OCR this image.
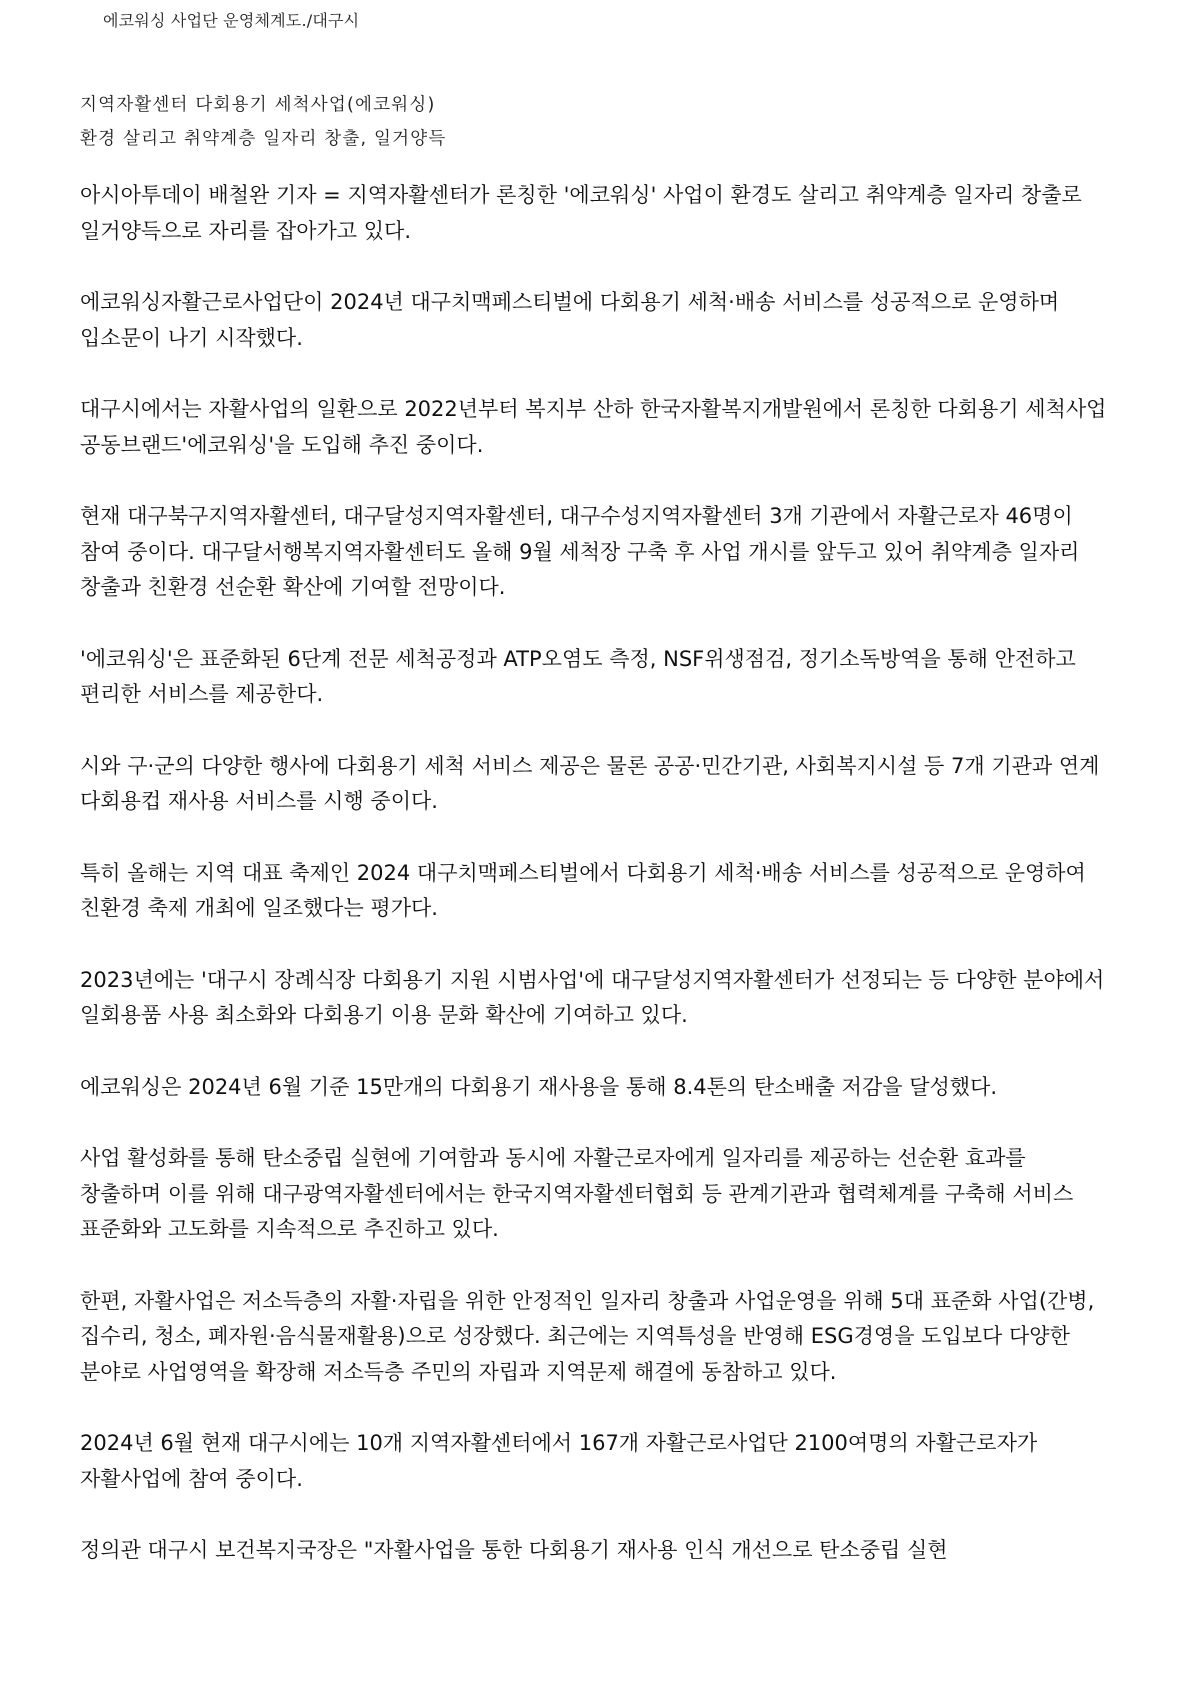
에코워싱 사업단 운영체계도./대구시
지역자활센터 다회용기 세척사업(에코워싱)
환경 살리고 취약계층 일자리 창출, 일거양득

아시아투데이 배철완 기자 = 지역자활센터가 론칭한 '에코워싱' 사업이 환경도 살리고 취약계층 일자리 창출로 일거양득으로 자리를 잡아가고 있다.

에코워싱자활근로사업단이 2024년 대구치맥페스티벌에 다회용기 세척·배송 서비스를 성공적으로 운영하며 입소문이 나기 시작했다.

대구시에서는 자활사업의 일환으로 2022년부터 복지부 산하 한국자활복지개발원에서 론칭한 다회용기 세척사업 공동브랜드'에코워싱'을 도입해 추진 중이다.

현재 대구북구지역자활센터, 대구달성지역자활센터, 대구수성지역자활센터 3개 기관에서 자활근로자 46명이 참여 중이다. 대구달서행복지역자활센터도 올해 9월 세척장 구축 후 사업 개시를 앞두고 있어 취약계층 일자리 창출과 친환경 선순환 확산에 기여할 전망이다.

'에코워싱'은 표준화된 6단계 전문 세척공정과 ATP오염도 측정, NSF위생점검, 정기소독방역을 통해 안전하고 편리한 서비스를 제공한다.

시와 구·군의 다양한 행사에 다회용기 세척 서비스 제공은 물론 공공·민간기관, 사회복지시설 등 7개 기관과 연계 다회용컵 재사용 서비스를 시행 중이다.

특히 올해는 지역 대표 축제인 2024 대구치맥페스티벌에서 다회용기 세척·배송 서비스를 성공적으로 운영하여 친환경 축제 개최에 일조했다는 평가다.

2023년에는 '대구시 장례식장 다회용기 지원 시범사업'에 대구달성지역자활센터가 선정되는 등 다양한 분야에서 일회용품 사용 최소화와 다회용기 이용 문화 확산에 기여하고 있다.

에코워싱은 2024년 6월 기준 15만개의 다회용기 재사용을 통해 8.4톤의 탄소배출 저감을 달성했다.

사업 활성화를 통해 탄소중립 실현에 기여함과 동시에 자활근로자에게 일자리를 제공하는 선순환 효과를 창출하며 이를 위해 대구광역자활센터에서는 한국지역자활센터협회 등 관계기관과 협력체계를 구축해 서비스 표준화와 고도화를 지속적으로 추진하고 있다.

한편, 자활사업은 저소득층의 자활·자립을 위한 안정적인 일자리 창출과 사업운영을 위해 5대 표준화 사업(간병, 집수리, 청소, 폐자원·음식물재활용)으로 성장했다. 최근에는 지역특성을 반영해 ESG경영을 도입보다 다양한 분야로 사업영역을 확장해 저소득층 주민의 자립과 지역문제 해결에 동참하고 있다.

2024년 6월 현재 대구시에는 10개 지역자활센터에서 167개 자활근로사업단 2100여명의 자활근로자가 자활사업에 참여 중이다.

정의관 대구시 보건복지국장은 "자활사업을 통한 다회용기 재사용 인식 개선으로 탄소중립 실현
